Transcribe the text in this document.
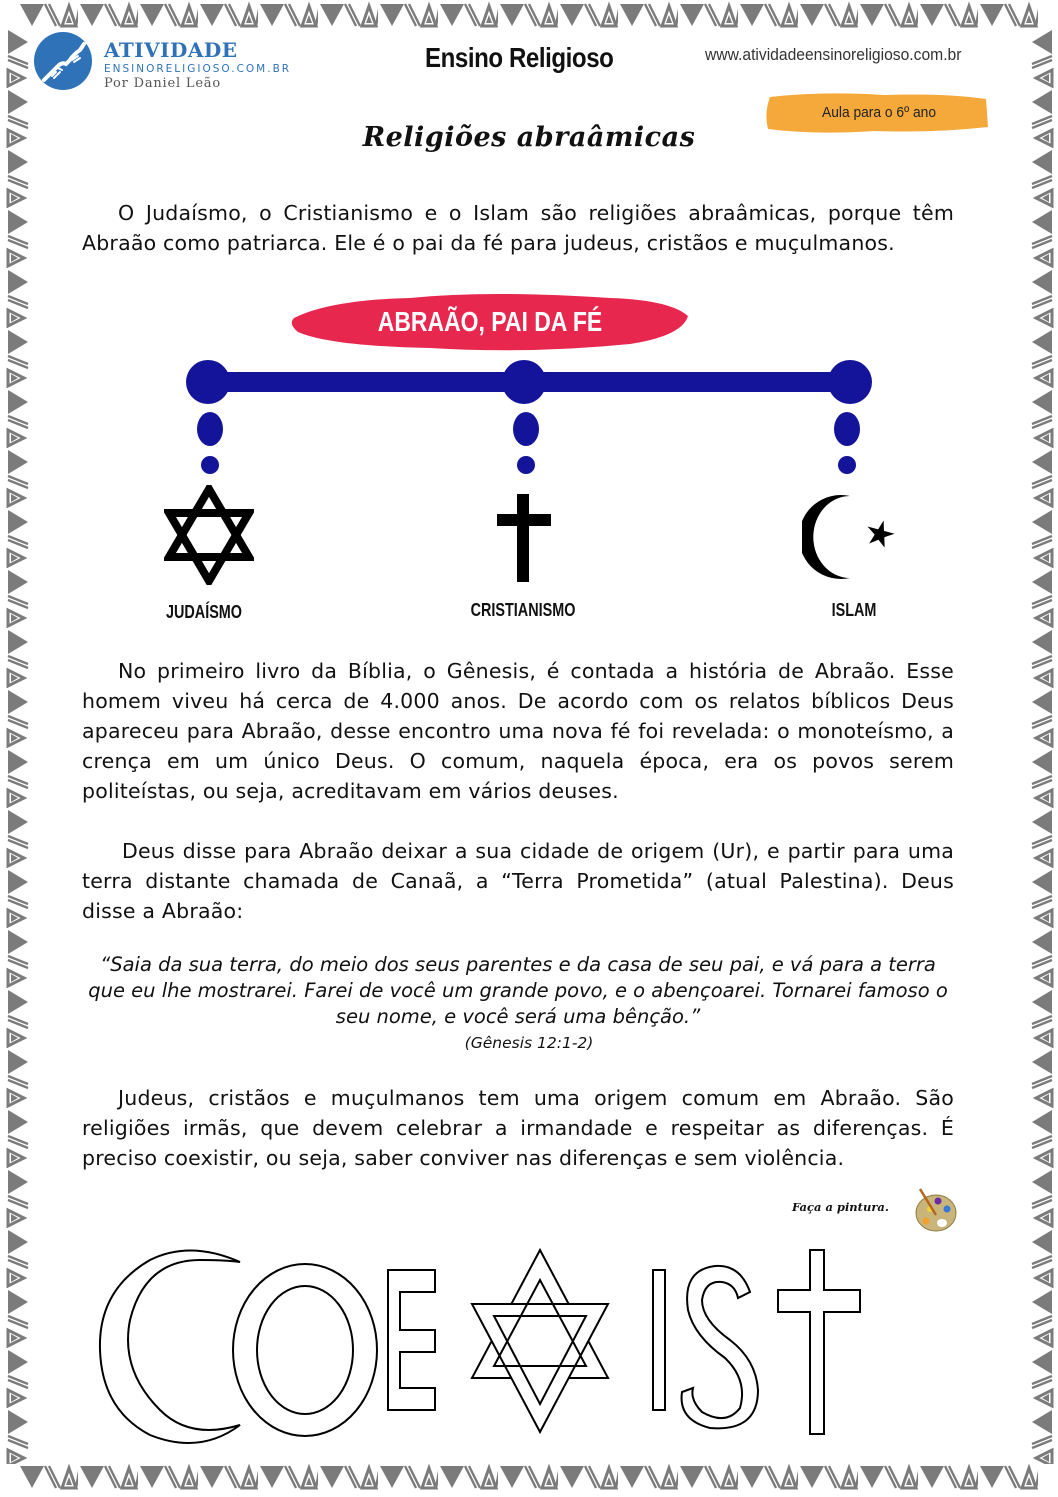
ATIVIDADE
ENSINORELIGIOSO.COM.BR
Por Daniel Leão
Ensino Religioso	www.atividadeensinoreligioso.com.br
Aula para o 6º ano
Religiões abraâmicas

O Judaísmo, o Cristianismo e o Islam são religiões abraâmicas, porque têm Abraão como patriarca. Ele é o pai da fé para judeus, cristãos e muçulmanos.

ABRAÃO, PAI DA FÉ
JUDAÍSMO	CRISTIANISMO	ISLAM

No primeiro livro da Bíblia, o Gênesis, é contada a história de Abraão. Esse homem viveu há cerca de 4.000 anos. De acordo com os relatos bíblicos Deus apareceu para Abraão, desse encontro uma nova fé foi revelada: o monoteísmo, a crença em um único Deus. O comum, naquela época, era os povos serem politeístas, ou seja, acreditavam em vários deuses.

Deus disse para Abraão deixar a sua cidade de origem (Ur), e partir para uma terra distante chamada de Canaã, a “Terra Prometida” (atual Palestina). Deus disse a Abraão:

“Saia da sua terra, do meio dos seus parentes e da casa de seu pai, e vá para a terra que eu lhe mostrarei. Farei de você um grande povo, e o abençoarei. Tornarei famoso o seu nome, e você será uma bênção.”

(Gênesis 12:1-2)

Judeus, cristãos e muçulmanos tem uma origem comum em Abraão. São religiões irmãs, que devem celebrar a irmandade e respeitar as diferenças. É preciso coexistir, ou seja, saber conviver nas diferenças e sem violência.

Faça a pintura.
